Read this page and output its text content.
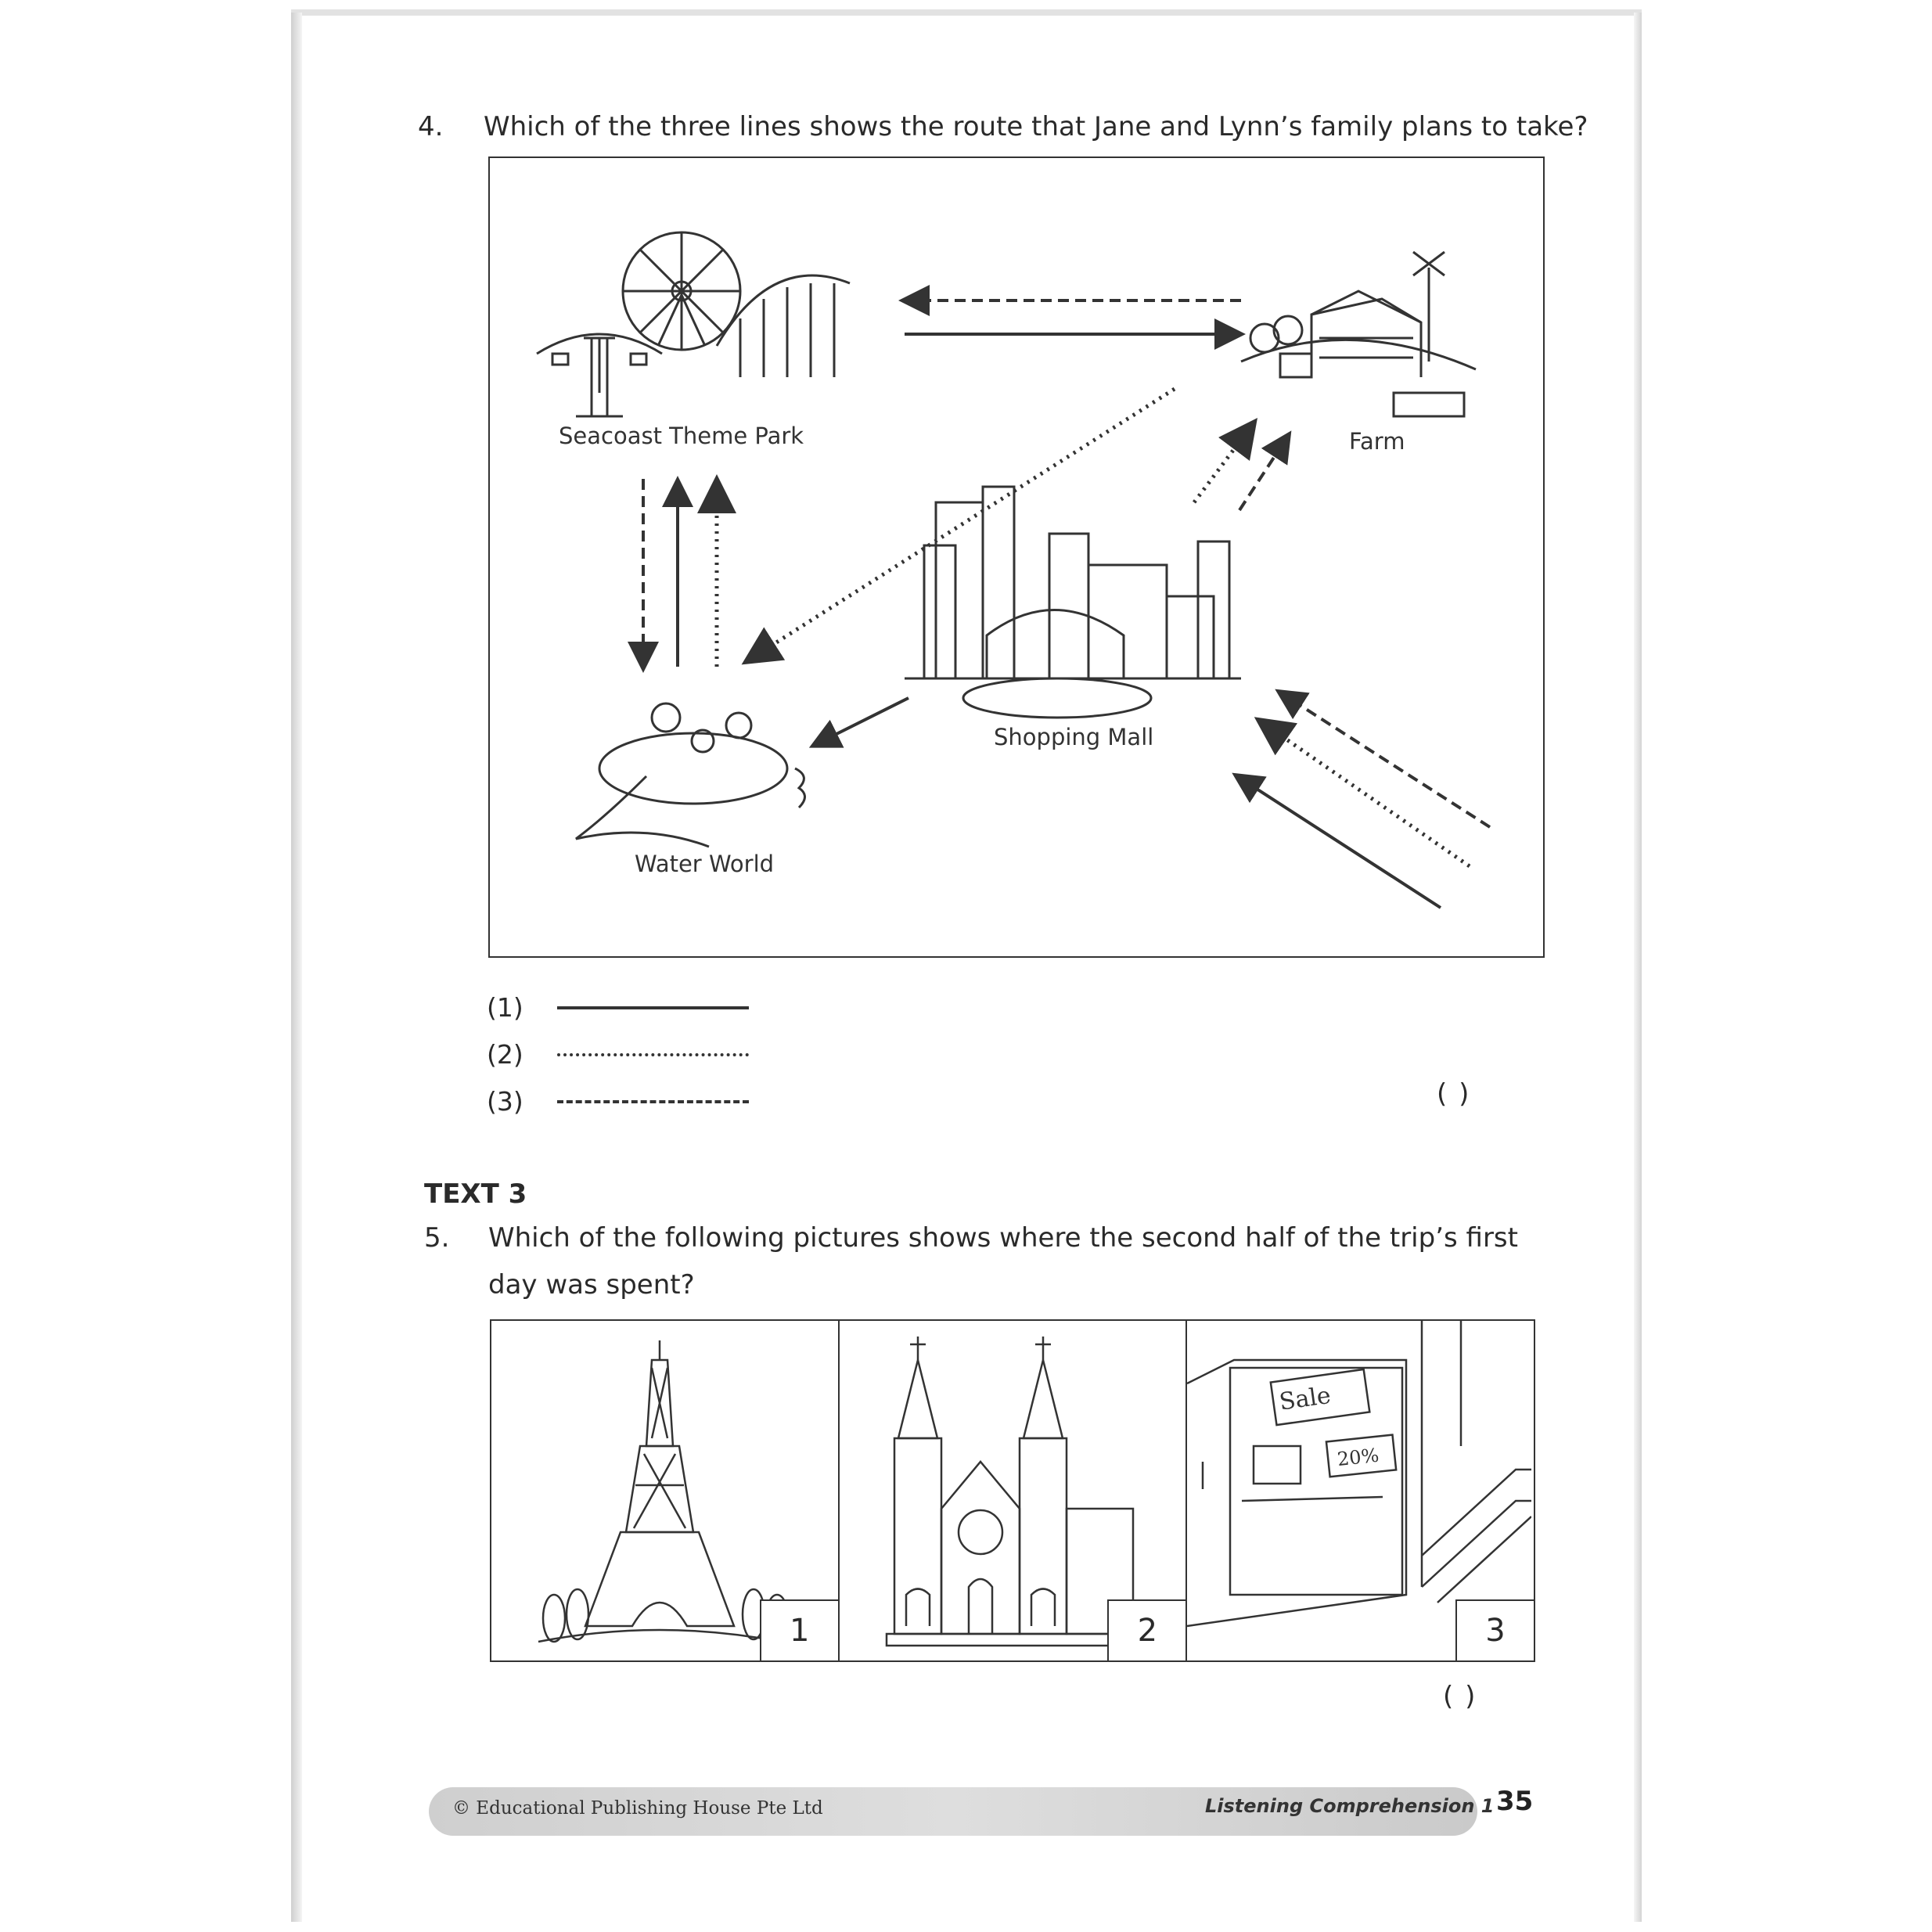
4. Which of the three lines shows the route that Jane and Lynn’s family plans to take?
Seacoast Theme Park	Farm
Shopping Mall
Water World
(1)
(2)
(3)	( )
TEXT 3
5. Which of the following pictures shows where the second half of the trip’s first
day was spent?
1	2
Sale
20%
3
( )
© Educational Publishing House Pte Ltd	Listening Comprehension 1 35
